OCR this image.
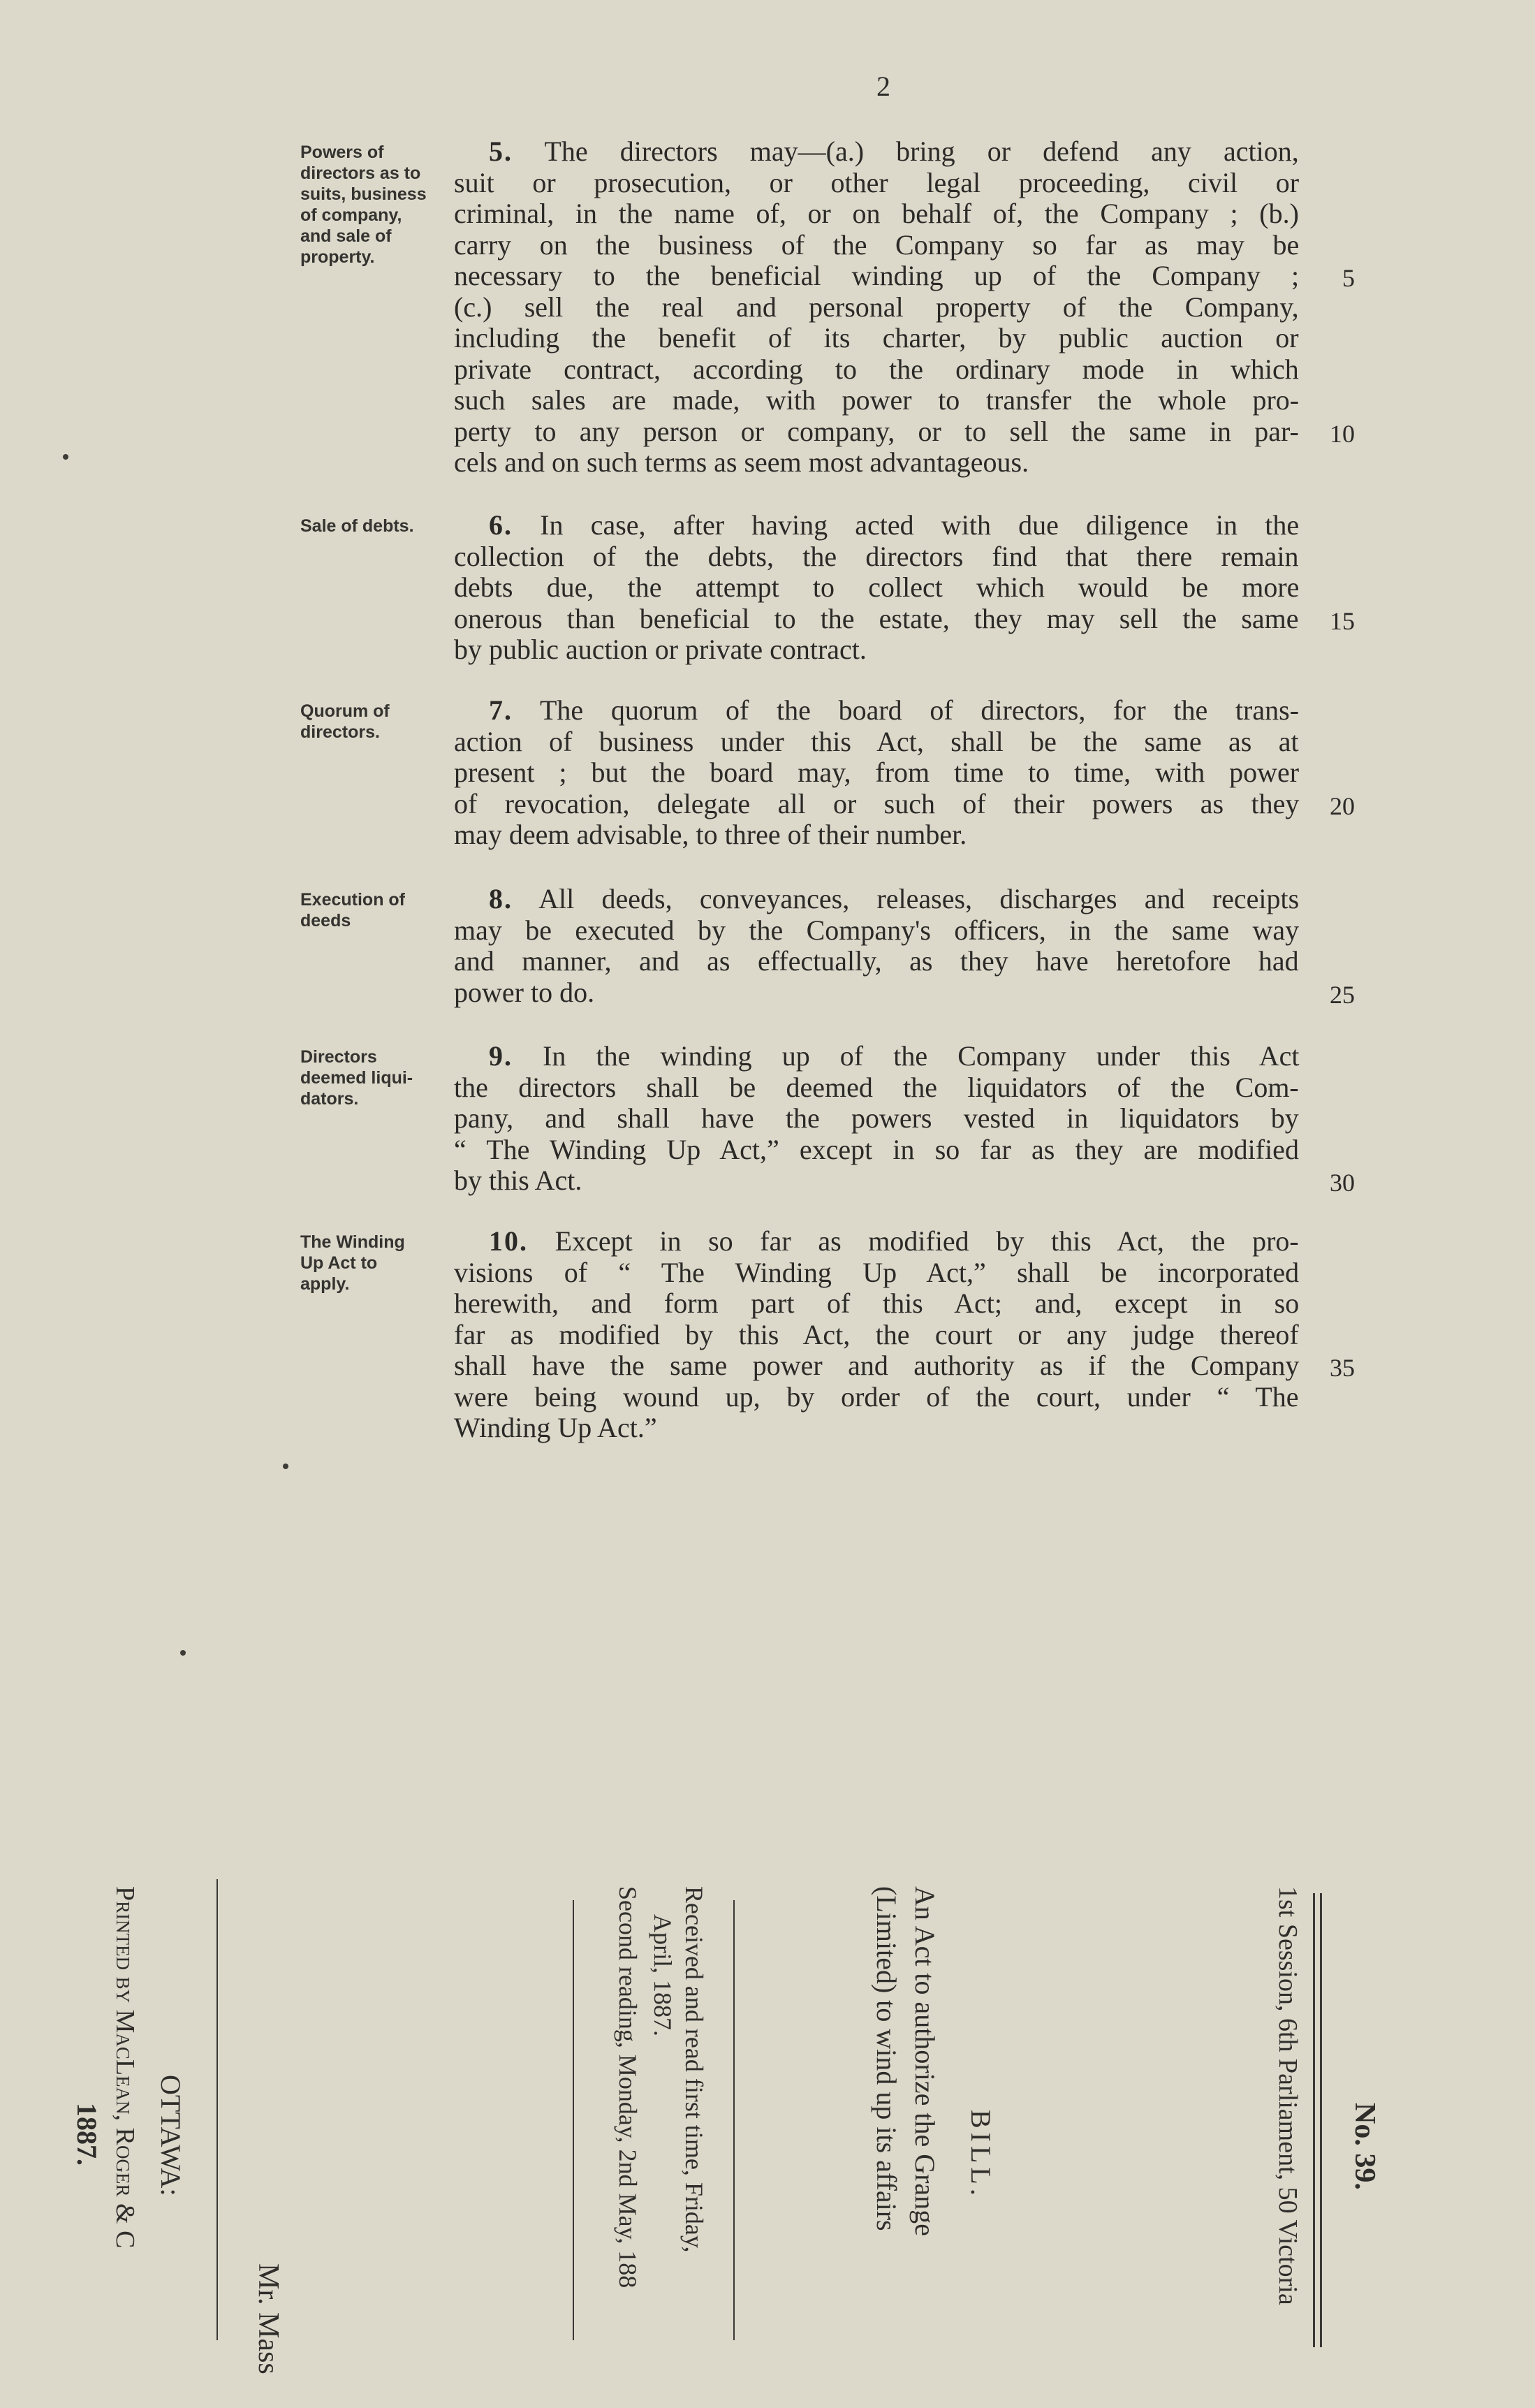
2
Powers of
directors as to
suits, business
of company,
and sale of
property.
5
10
5. The directors may—(a.) bring or defend any action,
suit or prosecution, or other legal proceeding, civil or
criminal, in the name of, or on behalf of, the Company ; (b.)
carry on the business of the Company so far as may be
necessary to the beneficial winding up of the Company ;
(c.) sell the real and personal property of the Company,
including the benefit of its charter, by public auction or
private contract, according to the ordinary mode in which
such sales are made, with power to transfer the whole pro-
perty to any person or company, or to sell the same in par-
cels and on such terms as seem most advantageous.
Sale of debts.
15
6. In case, after having acted with due diligence in the
collection of the debts, the directors find that there remain
debts due, the attempt to collect which would be more
onerous than beneficial to the estate, they may sell the same
by public auction or private contract.
Quorum of
directors.
20
7. The quorum of the board of directors, for the trans-
action of business under this Act, shall be the same as at
present ; but the board may, from time to time, with power
of revocation, delegate all or such of their powers as they
may deem advisable, to three of their number.
Execution of
deeds
25
8. All deeds, conveyances, releases, discharges and receipts
may be executed by the Company's officers, in the same way
and manner, and as effectually, as they have heretofore had
power to do.
Directors
deemed liqui-
dators.
30
9. In the winding up of the Company under this Act
the directors shall be deemed the liquidators of the Com-
pany, and shall have the powers vested in liquidators by
“ The Winding Up Act,” except in so far as they are modified
by this Act.
The Winding
Up Act to
apply.
35
10. Except in so far as modified by this Act, the pro-
visions of “ The Winding Up Act,” shall be incorporated
herewith, and form part of this Act; and, except in so
far as modified by this Act, the court or any judge thereof
shall have the same power and authority as if the Company
were being wound up, by order of the court, under “ The
Winding Up Act.”
No. 39.
1st Session, 6th Parliament, 50 Victoria
BILL.
An Act to authorize the Grange
(Limited) to wind up its affairs
Received and read first time, Friday,
April, 1887.
Second reading, Monday, 2nd May, 188
Mr. Mass
OTTAWA:
Printed by MacLean, Roger & C
1887.
